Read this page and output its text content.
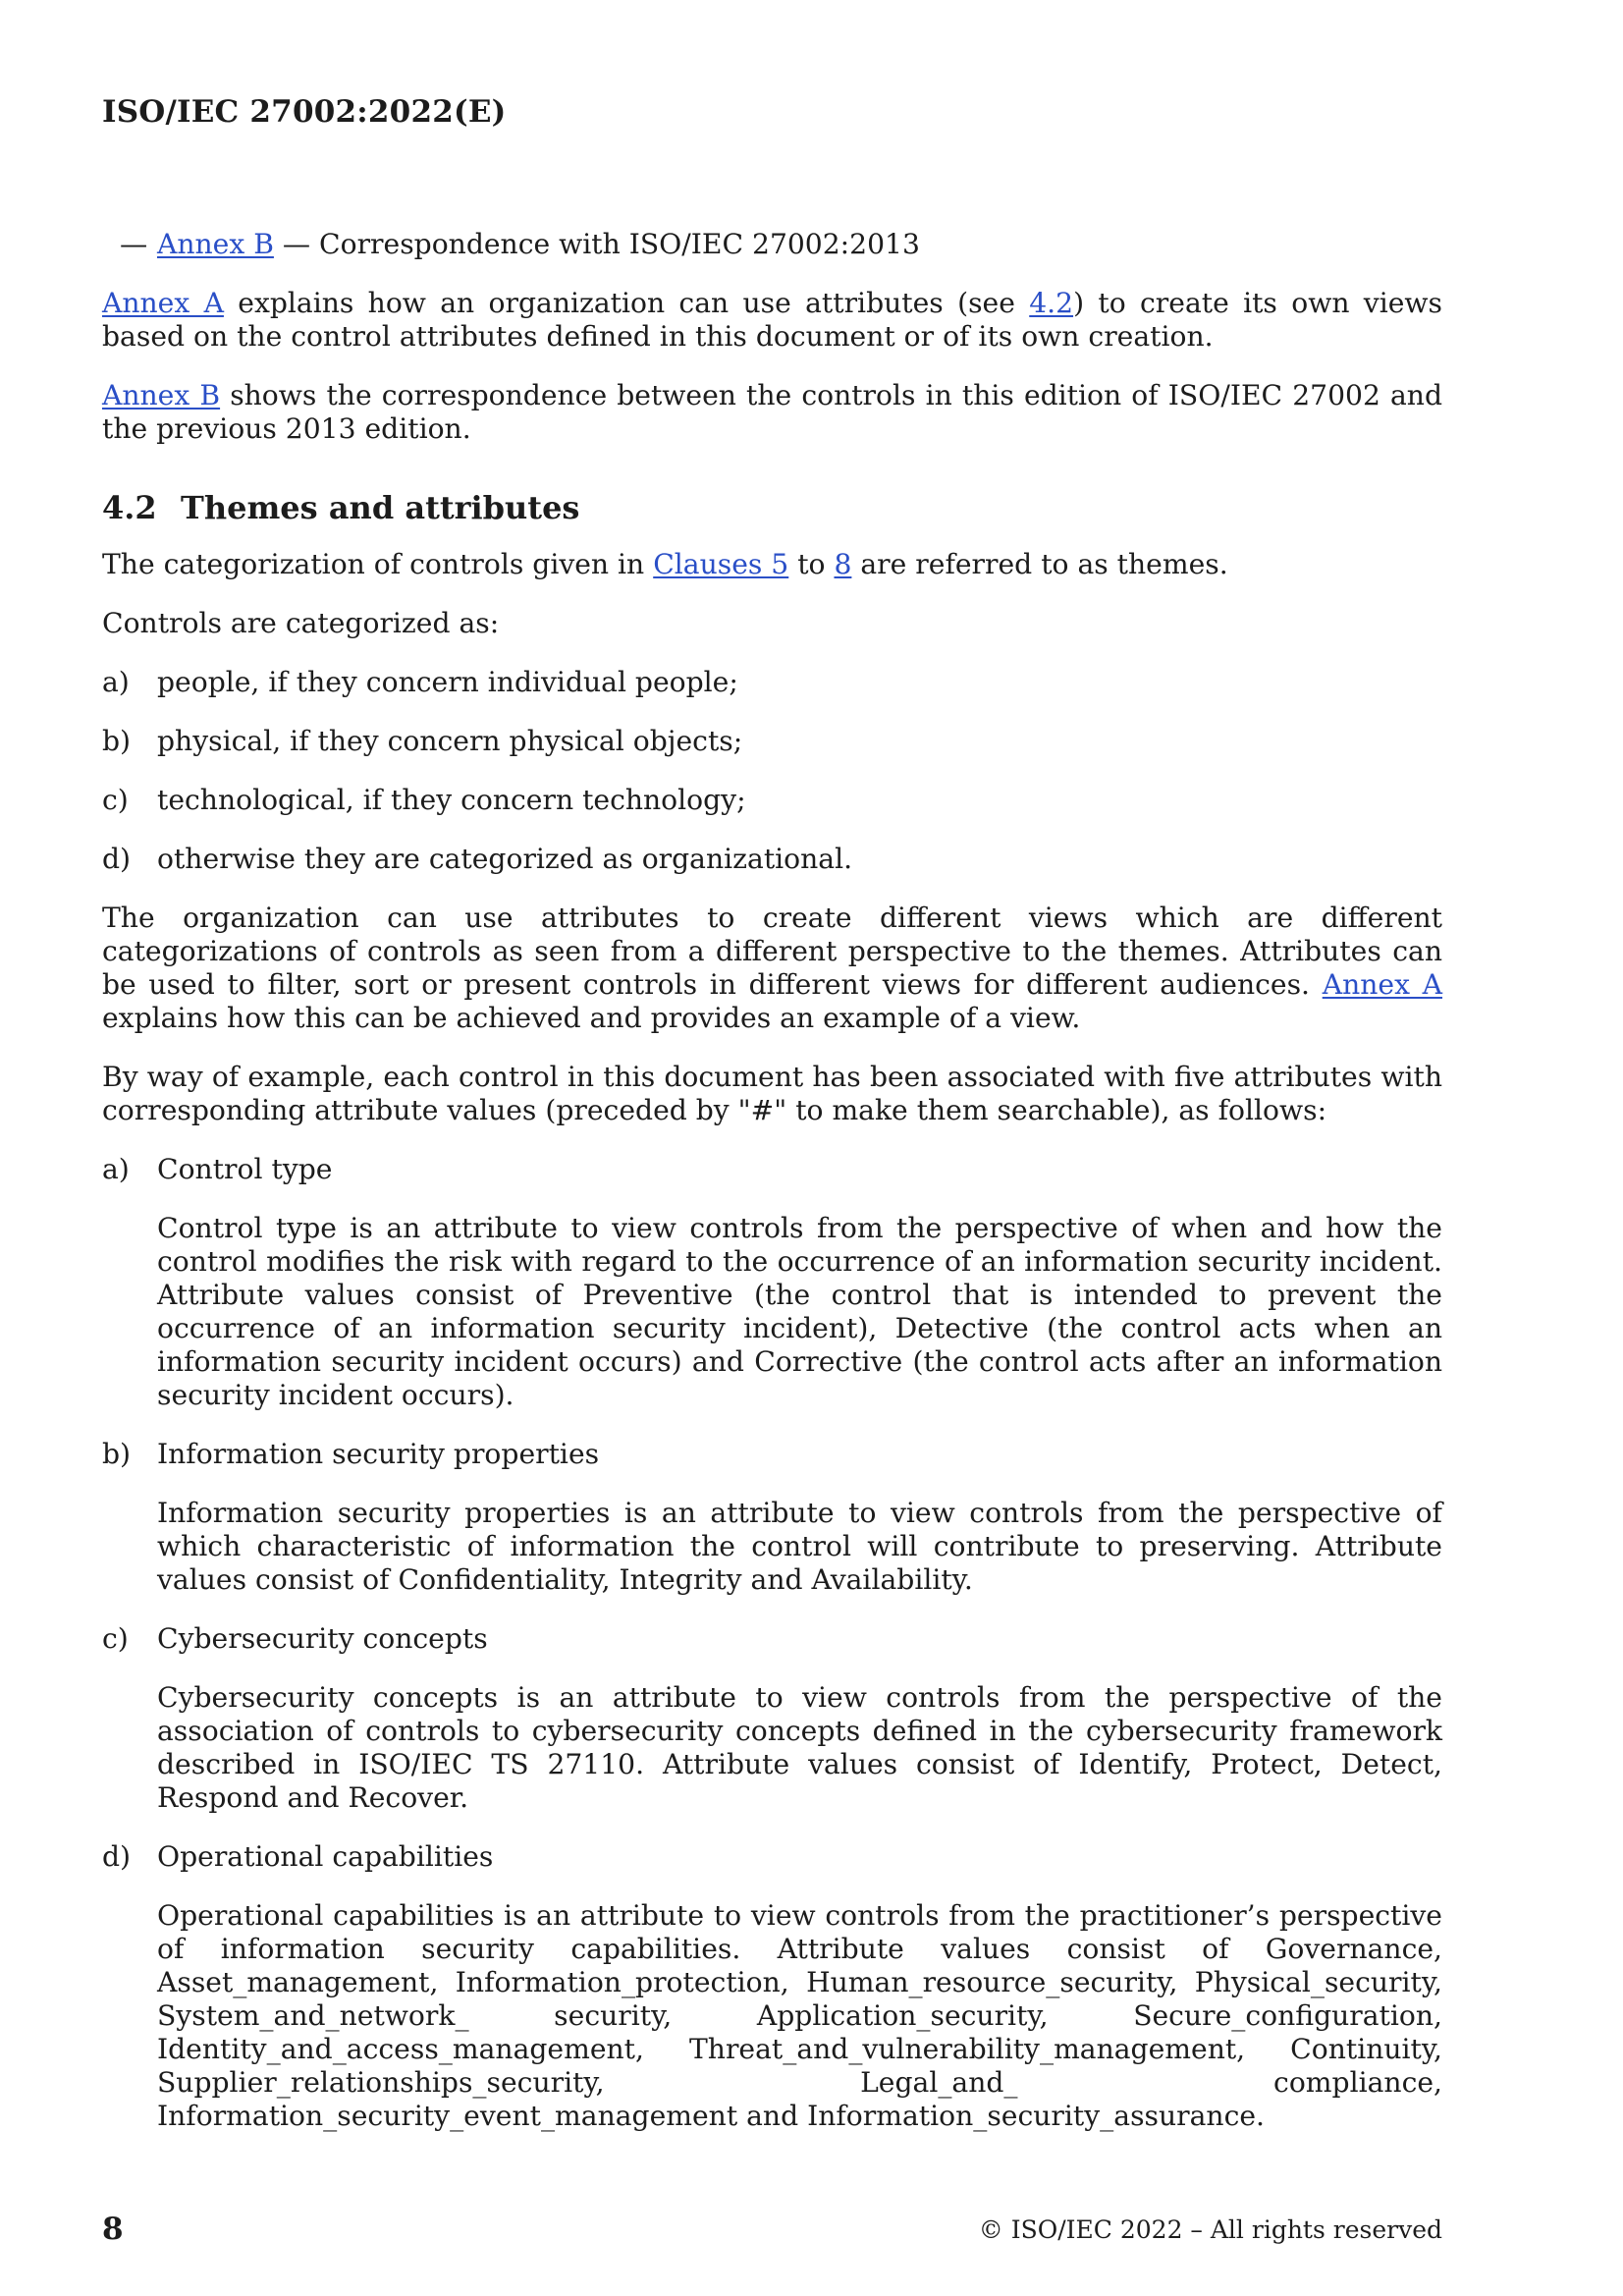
ISO/IEC 27002:2022(E)
— Annex B — Correspondence with ISO/IEC 27002:2013

Annex A explains how an organization can use attributes (see 4.2) to create its own views based on the control attributes defined in this document or of its own creation.

Annex B shows the correspondence between the controls in this edition of ISO/IEC 27002 and the previous 2013 edition.

4.2 Themes and attributes

The categorization of controls given in Clauses 5 to 8 are referred to as themes.

Controls are categorized as:

a) people, if they concern individual people;
b) physical, if they concern physical objects;
c) technological, if they concern technology;
d) otherwise they are categorized as organizational.

The organization can use attributes to create different views which are different categorizations of controls as seen from a different perspective to the themes. Attributes can be used to filter, sort or present controls in different views for different audiences. Annex A explains how this can be achieved and provides an example of a view.

By way of example, each control in this document has been associated with five attributes with corresponding attribute values (preceded by "#" to make them searchable), as follows:

a) Control type
Control type is an attribute to view controls from the perspective of when and how the control modifies the risk with regard to the occurrence of an information security incident. Attribute values consist of Preventive (the control that is intended to prevent the occurrence of an information security incident), Detective (the control acts when an information security incident occurs) and Corrective (the control acts after an information security incident occurs).
b) Information security properties
Information security properties is an attribute to view controls from the perspective of which characteristic of information the control will contribute to preserving. Attribute values consist of Confidentiality, Integrity and Availability.
c) Cybersecurity concepts
Cybersecurity concepts is an attribute to view controls from the perspective of the association of controls to cybersecurity concepts defined in the cybersecurity framework described in ISO/IEC TS 27110. Attribute values consist of Identify, Protect, Detect, Respond and Recover.
d) Operational capabilities
Operational capabilities is an attribute to view controls from the practitioner’s perspective of information security capabilities. Attribute values consist of Governance, Asset_management, Information_protection, Human_resource_security, Physical_security, System_and_network_ security, Application_security, Secure_configuration, Identity_and_access_management, Threat_and_vulnerability_management, Continuity, Supplier_relationships_security, Legal_and_ compliance, Information_security_event_management and Information_security_assurance.
8	© ISO/IEC 2022 – All rights reserved
